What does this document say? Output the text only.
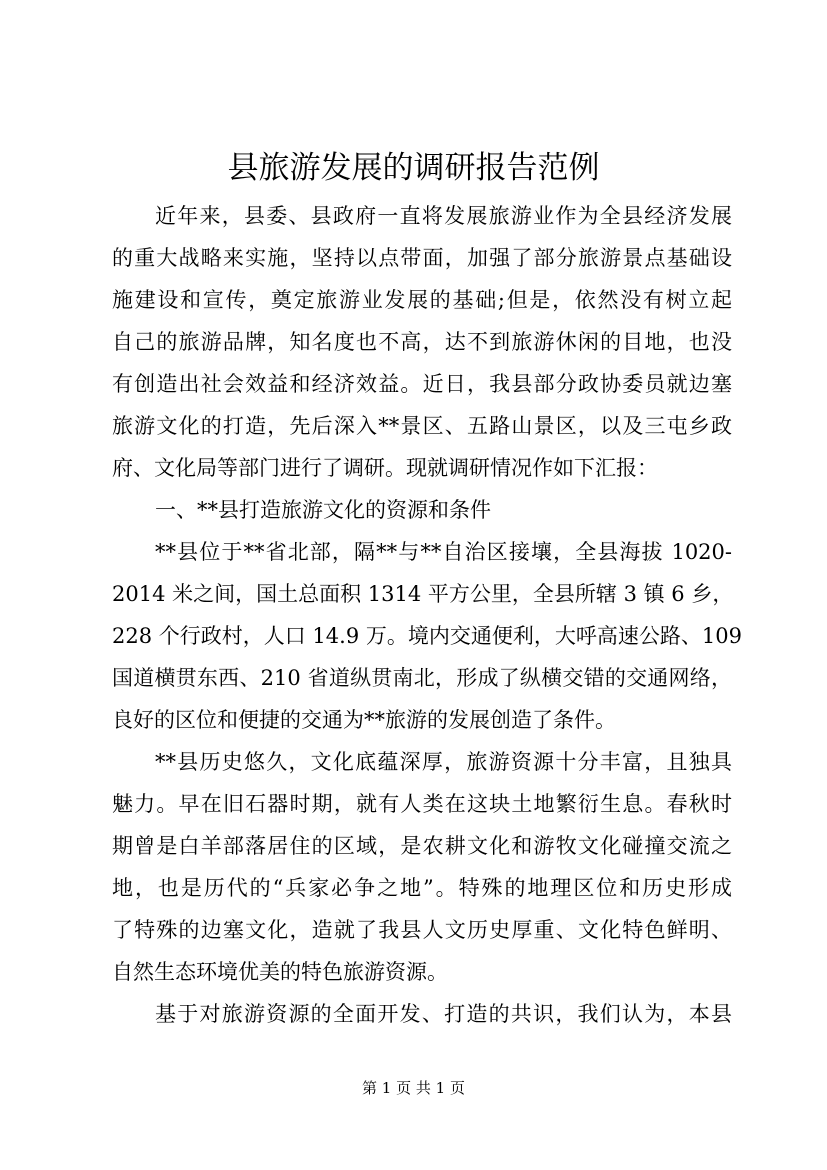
县旅游发展的调研报告范例

近年来，县委、县政府一直将发展旅游业作为全县经济发展

的重大战略来实施，坚持以点带面，加强了部分旅游景点基础设

施建设和宣传，奠定旅游业发展的基础;但是，依然没有树立起

自己的旅游品牌，知名度也不高，达不到旅游休闲的目地，也没

有创造出社会效益和经济效益。近日，我县部分政协委员就边塞

旅游文化的打造，先后深入**景区、五路山景区，以及三屯乡政

府、文化局等部门进行了调研。现就调研情况作如下汇报：

一、**县打造旅游文化的资源和条件

**县位于**省北部，隔**与**自治区接壤，全县海拔 1020-

2014 米之间，国土总面积 1314 平方公里，全县所辖 3 镇 6 乡，

228 个行政村，人口 14.9 万。境内交通便利，大呼高速公路、109

国道横贯东西、210 省道纵贯南北，形成了纵横交错的交通网络，

良好的区位和便捷的交通为**旅游的发展创造了条件。

**县历史悠久，文化底蕴深厚，旅游资源十分丰富，且独具

魅力。早在旧石器时期，就有人类在这块土地繁衍生息。春秋时

期曾是白羊部落居住的区域，是农耕文化和游牧文化碰撞交流之

地，也是历代的“兵家必争之地”。特殊的地理区位和历史形成

了特殊的边塞文化，造就了我县人文历史厚重、文化特色鲜明、

自然生态环境优美的特色旅游资源。

基于对旅游资源的全面开发、打造的共识，我们认为，本县

第 1 页 共 1 页
